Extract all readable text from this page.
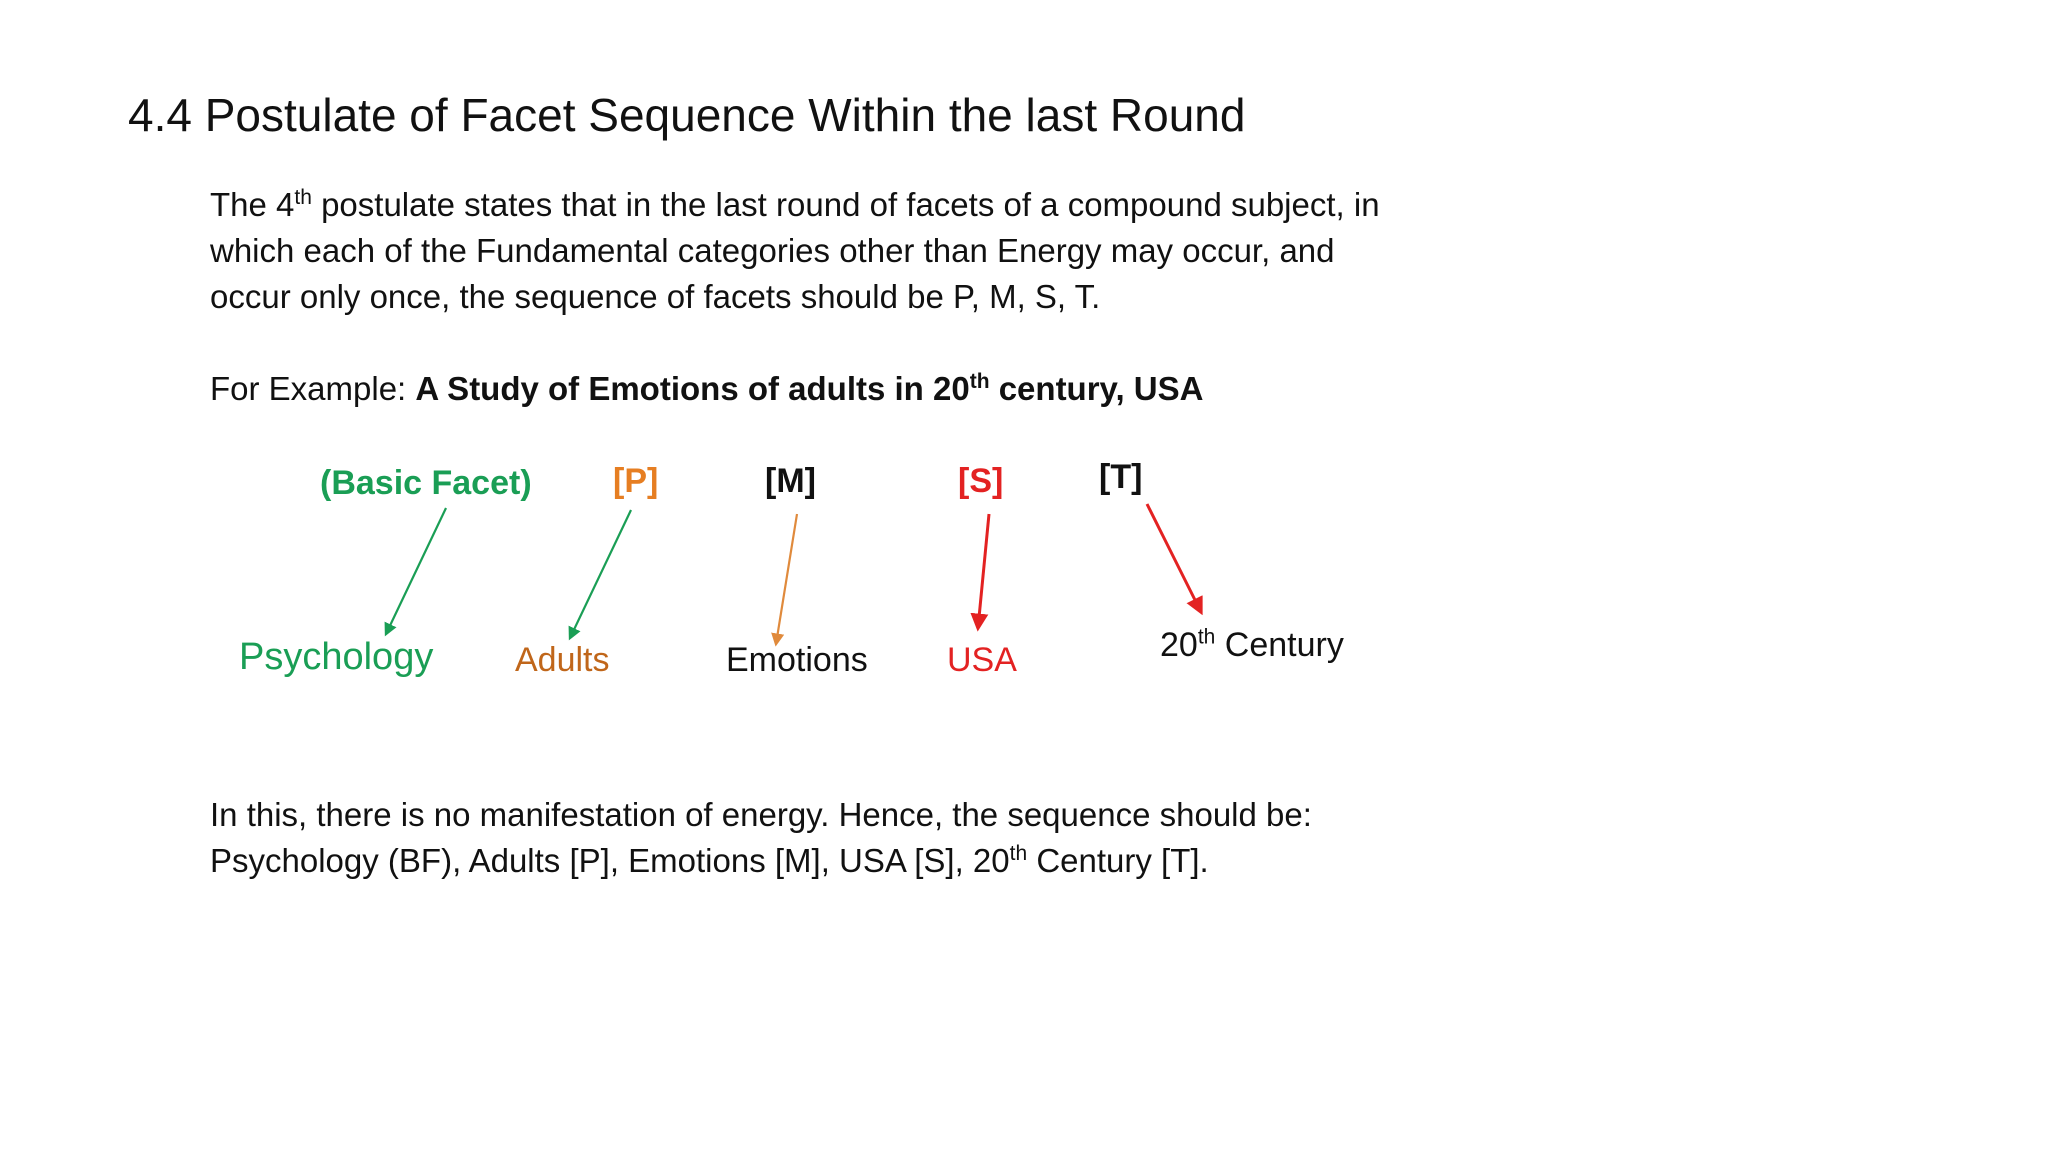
4.4 Postulate of Facet Sequence Within the last Round
The 4th postulate states that in the last round of facets of a compound subject, in
which each of the Fundamental categories other than Energy may occur, and
occur only once, the sequence of facets should be P, M, S, T.
For Example: A Study of Emotions of adults in 20th century, USA
(Basic Facet) [P]	[M]	[S]	[T]
Psychology Adults	Emotions USA	20th Century
In this, there is no manifestation of energy. Hence, the sequence should be:
Psychology (BF), Adults [P], Emotions [M], USA [S], 20th Century [T].
